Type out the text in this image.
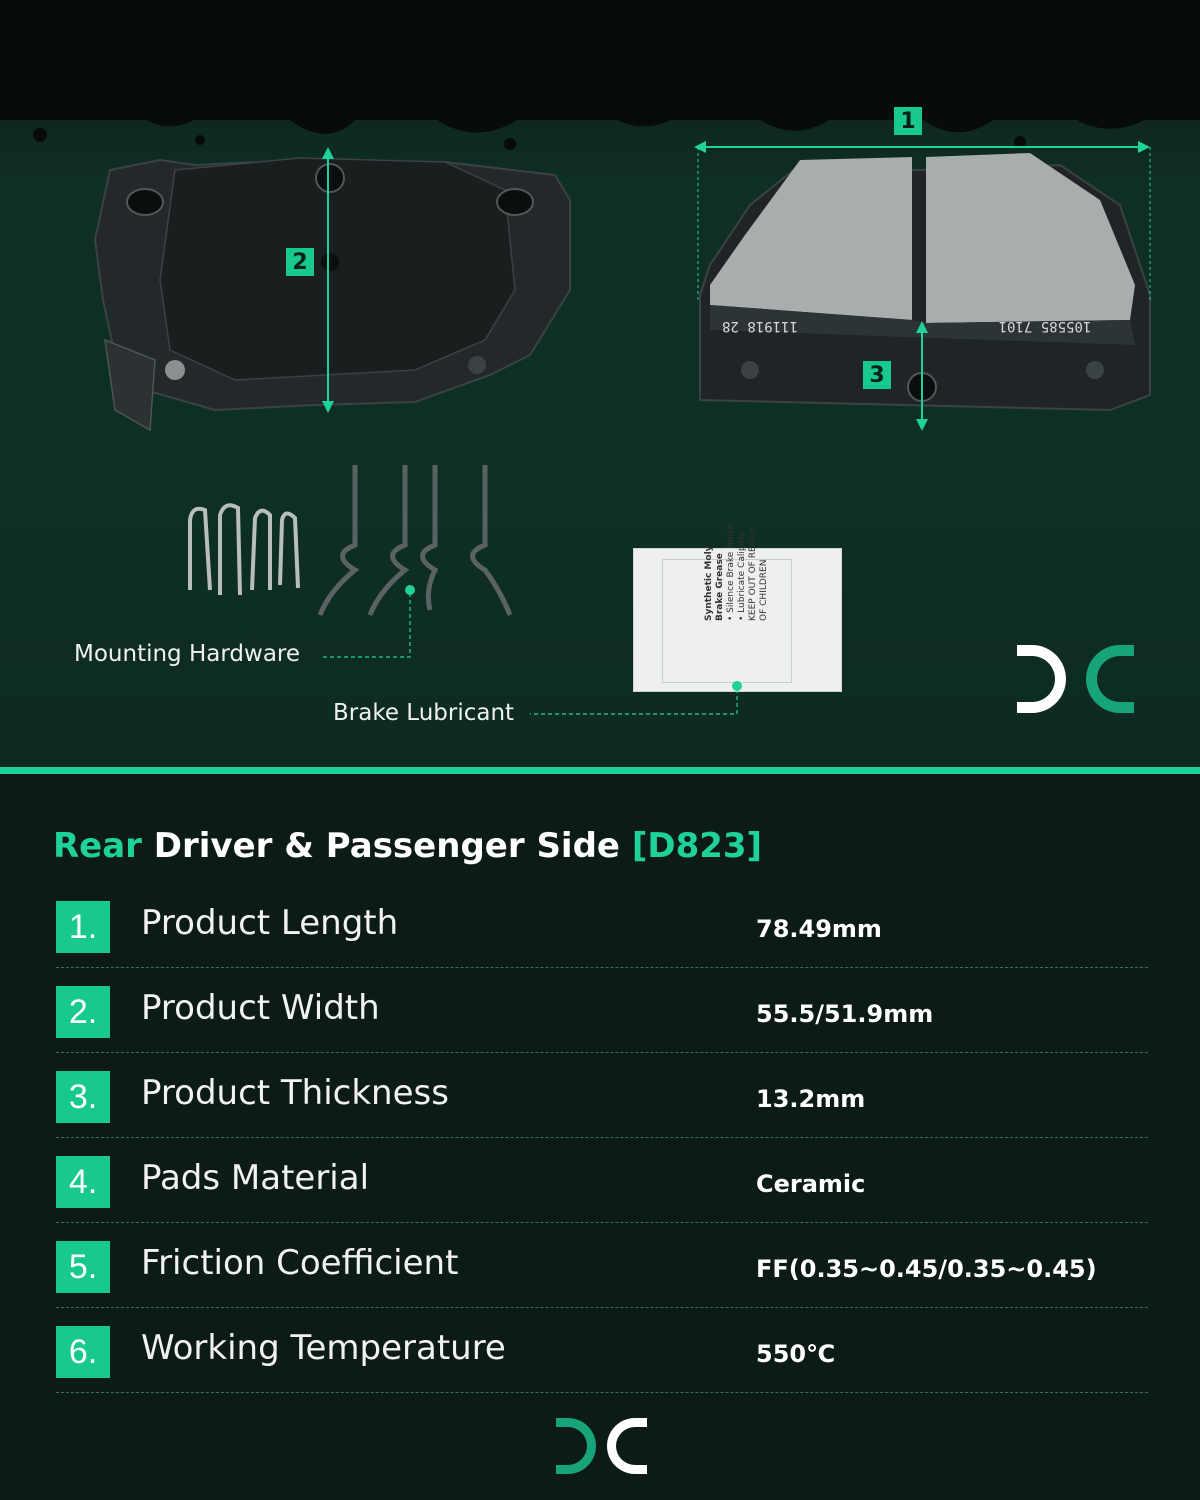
2
111918 28	105585 7101
1
3
Mounting Hardware
Synthetic Moly Brake Grease • Silence Brake Noise • Lubricate Calipers KEEP OUT OF REACH OF CHILDREN
Brake Lubricant
Rear Driver & Passenger Side [D823]
1.	Product Length	78.49mm
2.	Product Width	55.5/51.9mm
3.	Product Thickness	13.2mm
4.	Pads Material	Ceramic
5.	Friction Coefficient	FF(0.35~0.45/0.35~0.45)
6.	Working Temperature	550℃
